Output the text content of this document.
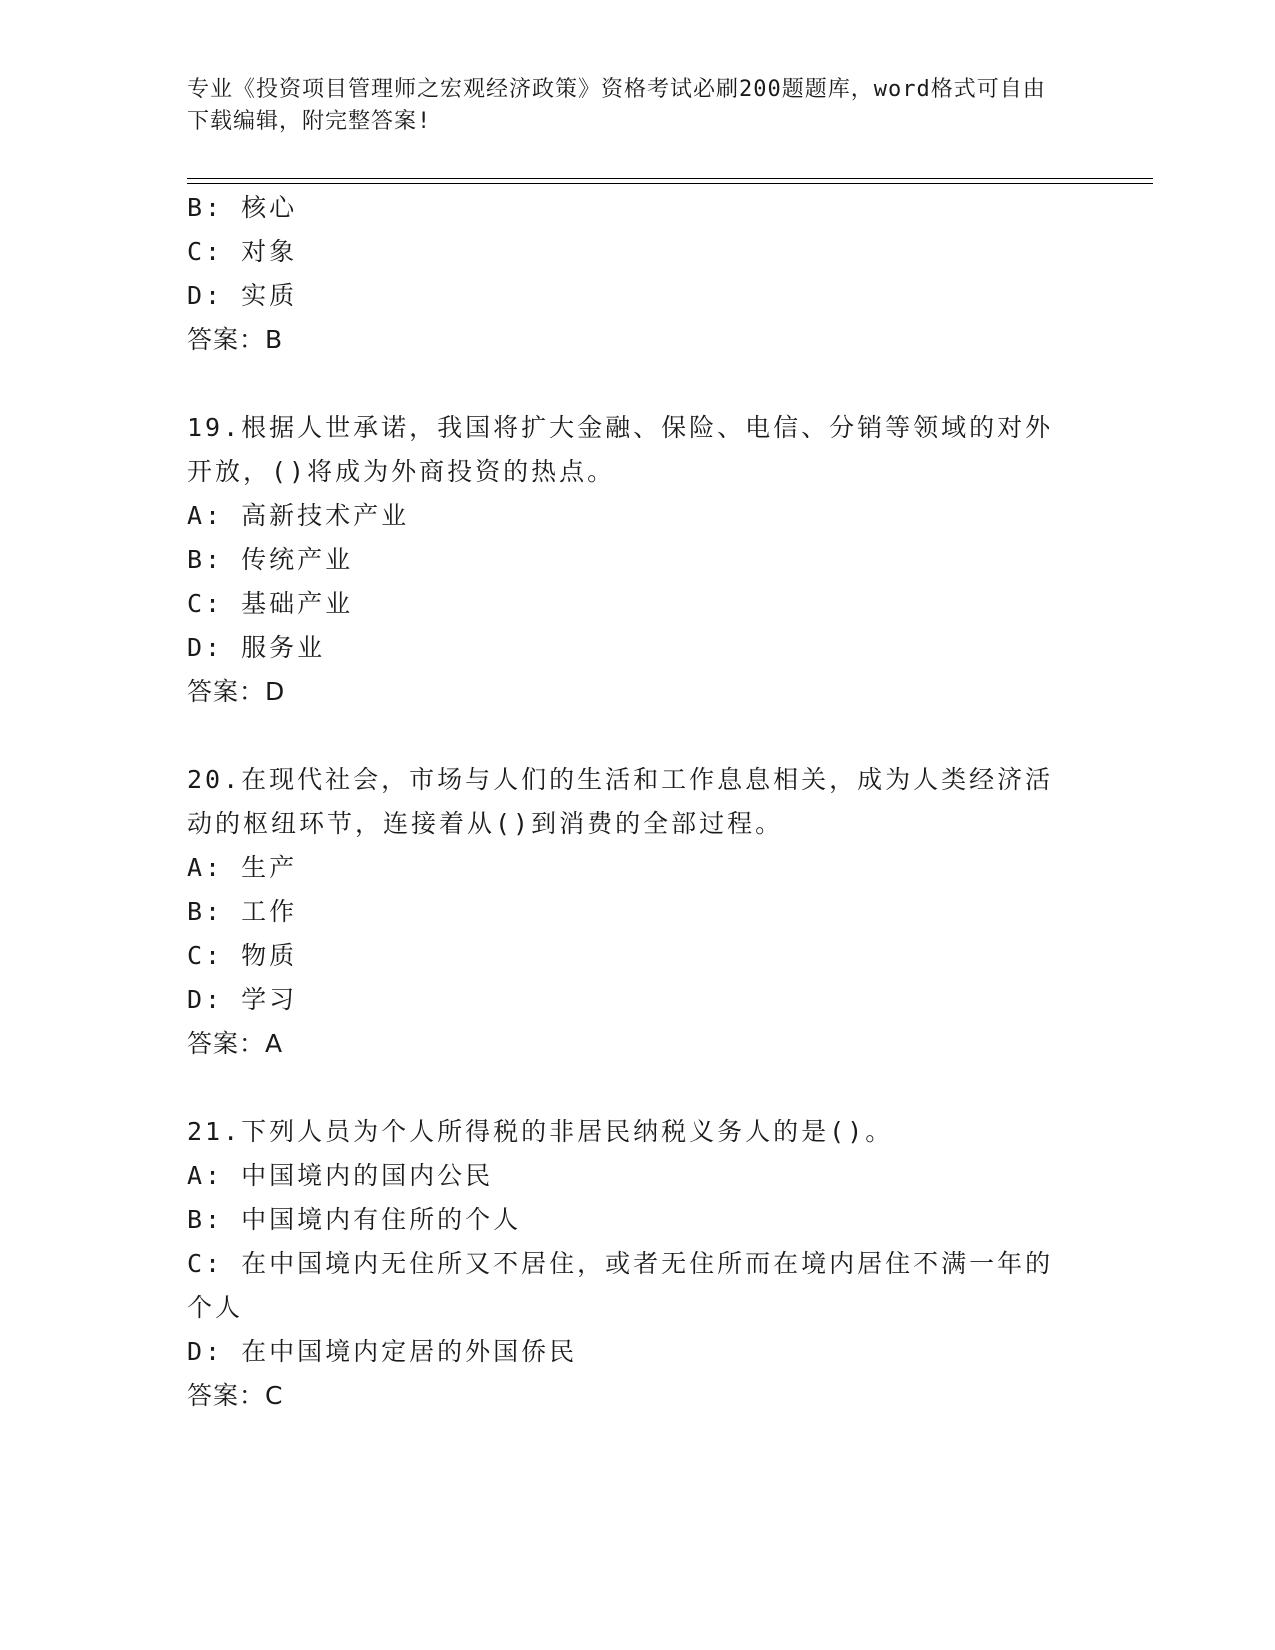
专业《投资项目管理师之宏观经济政策》资格考试必刷200题题库，word格式可自由下载编辑，附完整答案!
B: 核心
C: 对象
D: 实质
答案：B
19.根据人世承诺，我国将扩大金融、保险、电信、分销等领域的对外
开放，()将成为外商投资的热点。
A: 高新技术产业
B: 传统产业
C: 基础产业
D: 服务业
答案：D
20.在现代社会，市场与人们的生活和工作息息相关，成为人类经济活
动的枢纽环节，连接着从()到消费的全部过程。
A: 生产
B: 工作
C: 物质
D: 学习
答案：A
21.下列人员为个人所得税的非居民纳税义务人的是()。
A: 中国境内的国内公民
B: 中国境内有住所的个人
C: 在中国境内无住所又不居住，或者无住所而在境内居住不满一年的
个人
D: 在中国境内定居的外国侨民
答案：C
